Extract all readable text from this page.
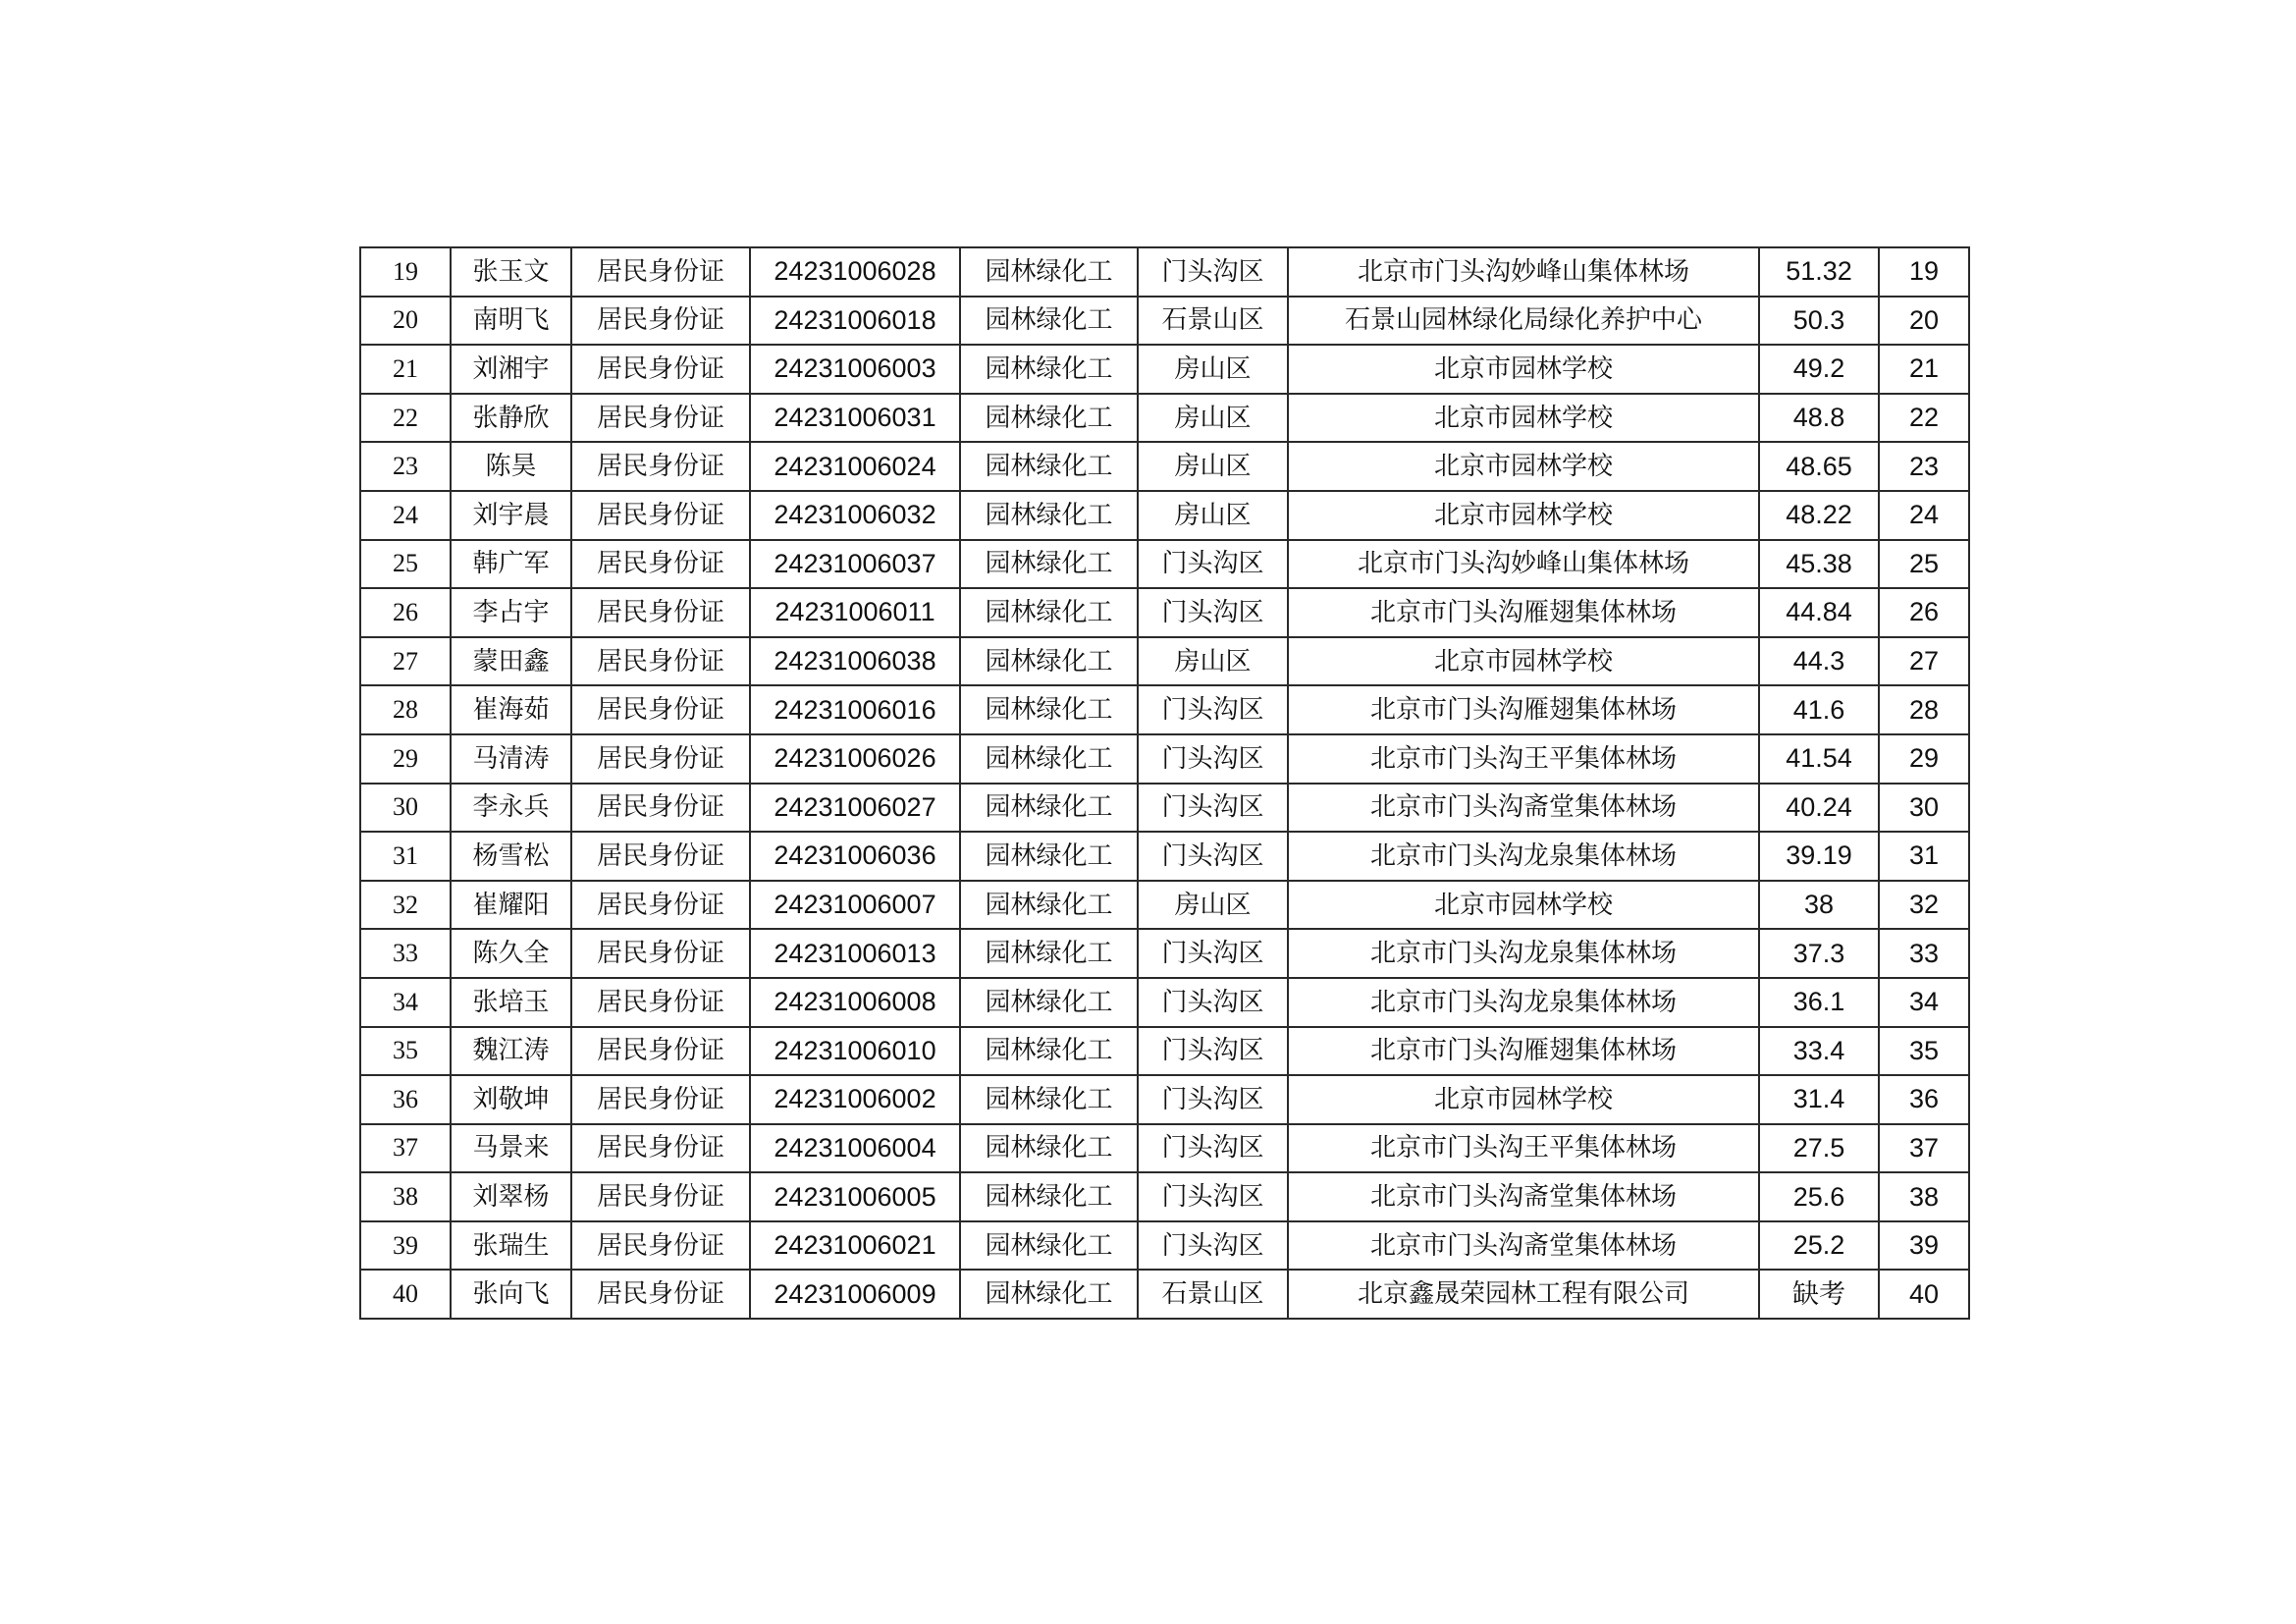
19	张玉文	居民身份证	24231006028	园林绿化工	门头沟区	北京市门头沟妙峰山集体林场	51.32	19
20	南明飞	居民身份证	24231006018	园林绿化工	石景山区	石景山园林绿化局绿化养护中心	50.3	20
21	刘湘宇	居民身份证	24231006003	园林绿化工	房山区	北京市园林学校	49.2	21
22	张静欣	居民身份证	24231006031	园林绿化工	房山区	北京市园林学校	48.8	22
23	陈昊	居民身份证	24231006024	园林绿化工	房山区	北京市园林学校	48.65	23
24	刘宇晨	居民身份证	24231006032	园林绿化工	房山区	北京市园林学校	48.22	24
25	韩广军	居民身份证	24231006037	园林绿化工	门头沟区	北京市门头沟妙峰山集体林场	45.38	25
26	李占宇	居民身份证	24231006011	园林绿化工	门头沟区	北京市门头沟雁翅集体林场	44.84	26
27	蒙田鑫	居民身份证	24231006038	园林绿化工	房山区	北京市园林学校	44.3	27
28	崔海茹	居民身份证	24231006016	园林绿化工	门头沟区	北京市门头沟雁翅集体林场	41.6	28
29	马清涛	居民身份证	24231006026	园林绿化工	门头沟区	北京市门头沟王平集体林场	41.54	29
30	李永兵	居民身份证	24231006027	园林绿化工	门头沟区	北京市门头沟斋堂集体林场	40.24	30
31	杨雪松	居民身份证	24231006036	园林绿化工	门头沟区	北京市门头沟龙泉集体林场	39.19	31
32	崔耀阳	居民身份证	24231006007	园林绿化工	房山区	北京市园林学校	38	32
33	陈久全	居民身份证	24231006013	园林绿化工	门头沟区	北京市门头沟龙泉集体林场	37.3	33
34	张培玉	居民身份证	24231006008	园林绿化工	门头沟区	北京市门头沟龙泉集体林场	36.1	34
35	魏江涛	居民身份证	24231006010	园林绿化工	门头沟区	北京市门头沟雁翅集体林场	33.4	35
36	刘敬坤	居民身份证	24231006002	园林绿化工	门头沟区	北京市园林学校	31.4	36
37	马景来	居民身份证	24231006004	园林绿化工	门头沟区	北京市门头沟王平集体林场	27.5	37
38	刘翠杨	居民身份证	24231006005	园林绿化工	门头沟区	北京市门头沟斋堂集体林场	25.6	38
39	张瑞生	居民身份证	24231006021	园林绿化工	门头沟区	北京市门头沟斋堂集体林场	25.2	39
40	张向飞	居民身份证	24231006009	园林绿化工	石景山区	北京鑫晟荣园林工程有限公司	缺考	40
